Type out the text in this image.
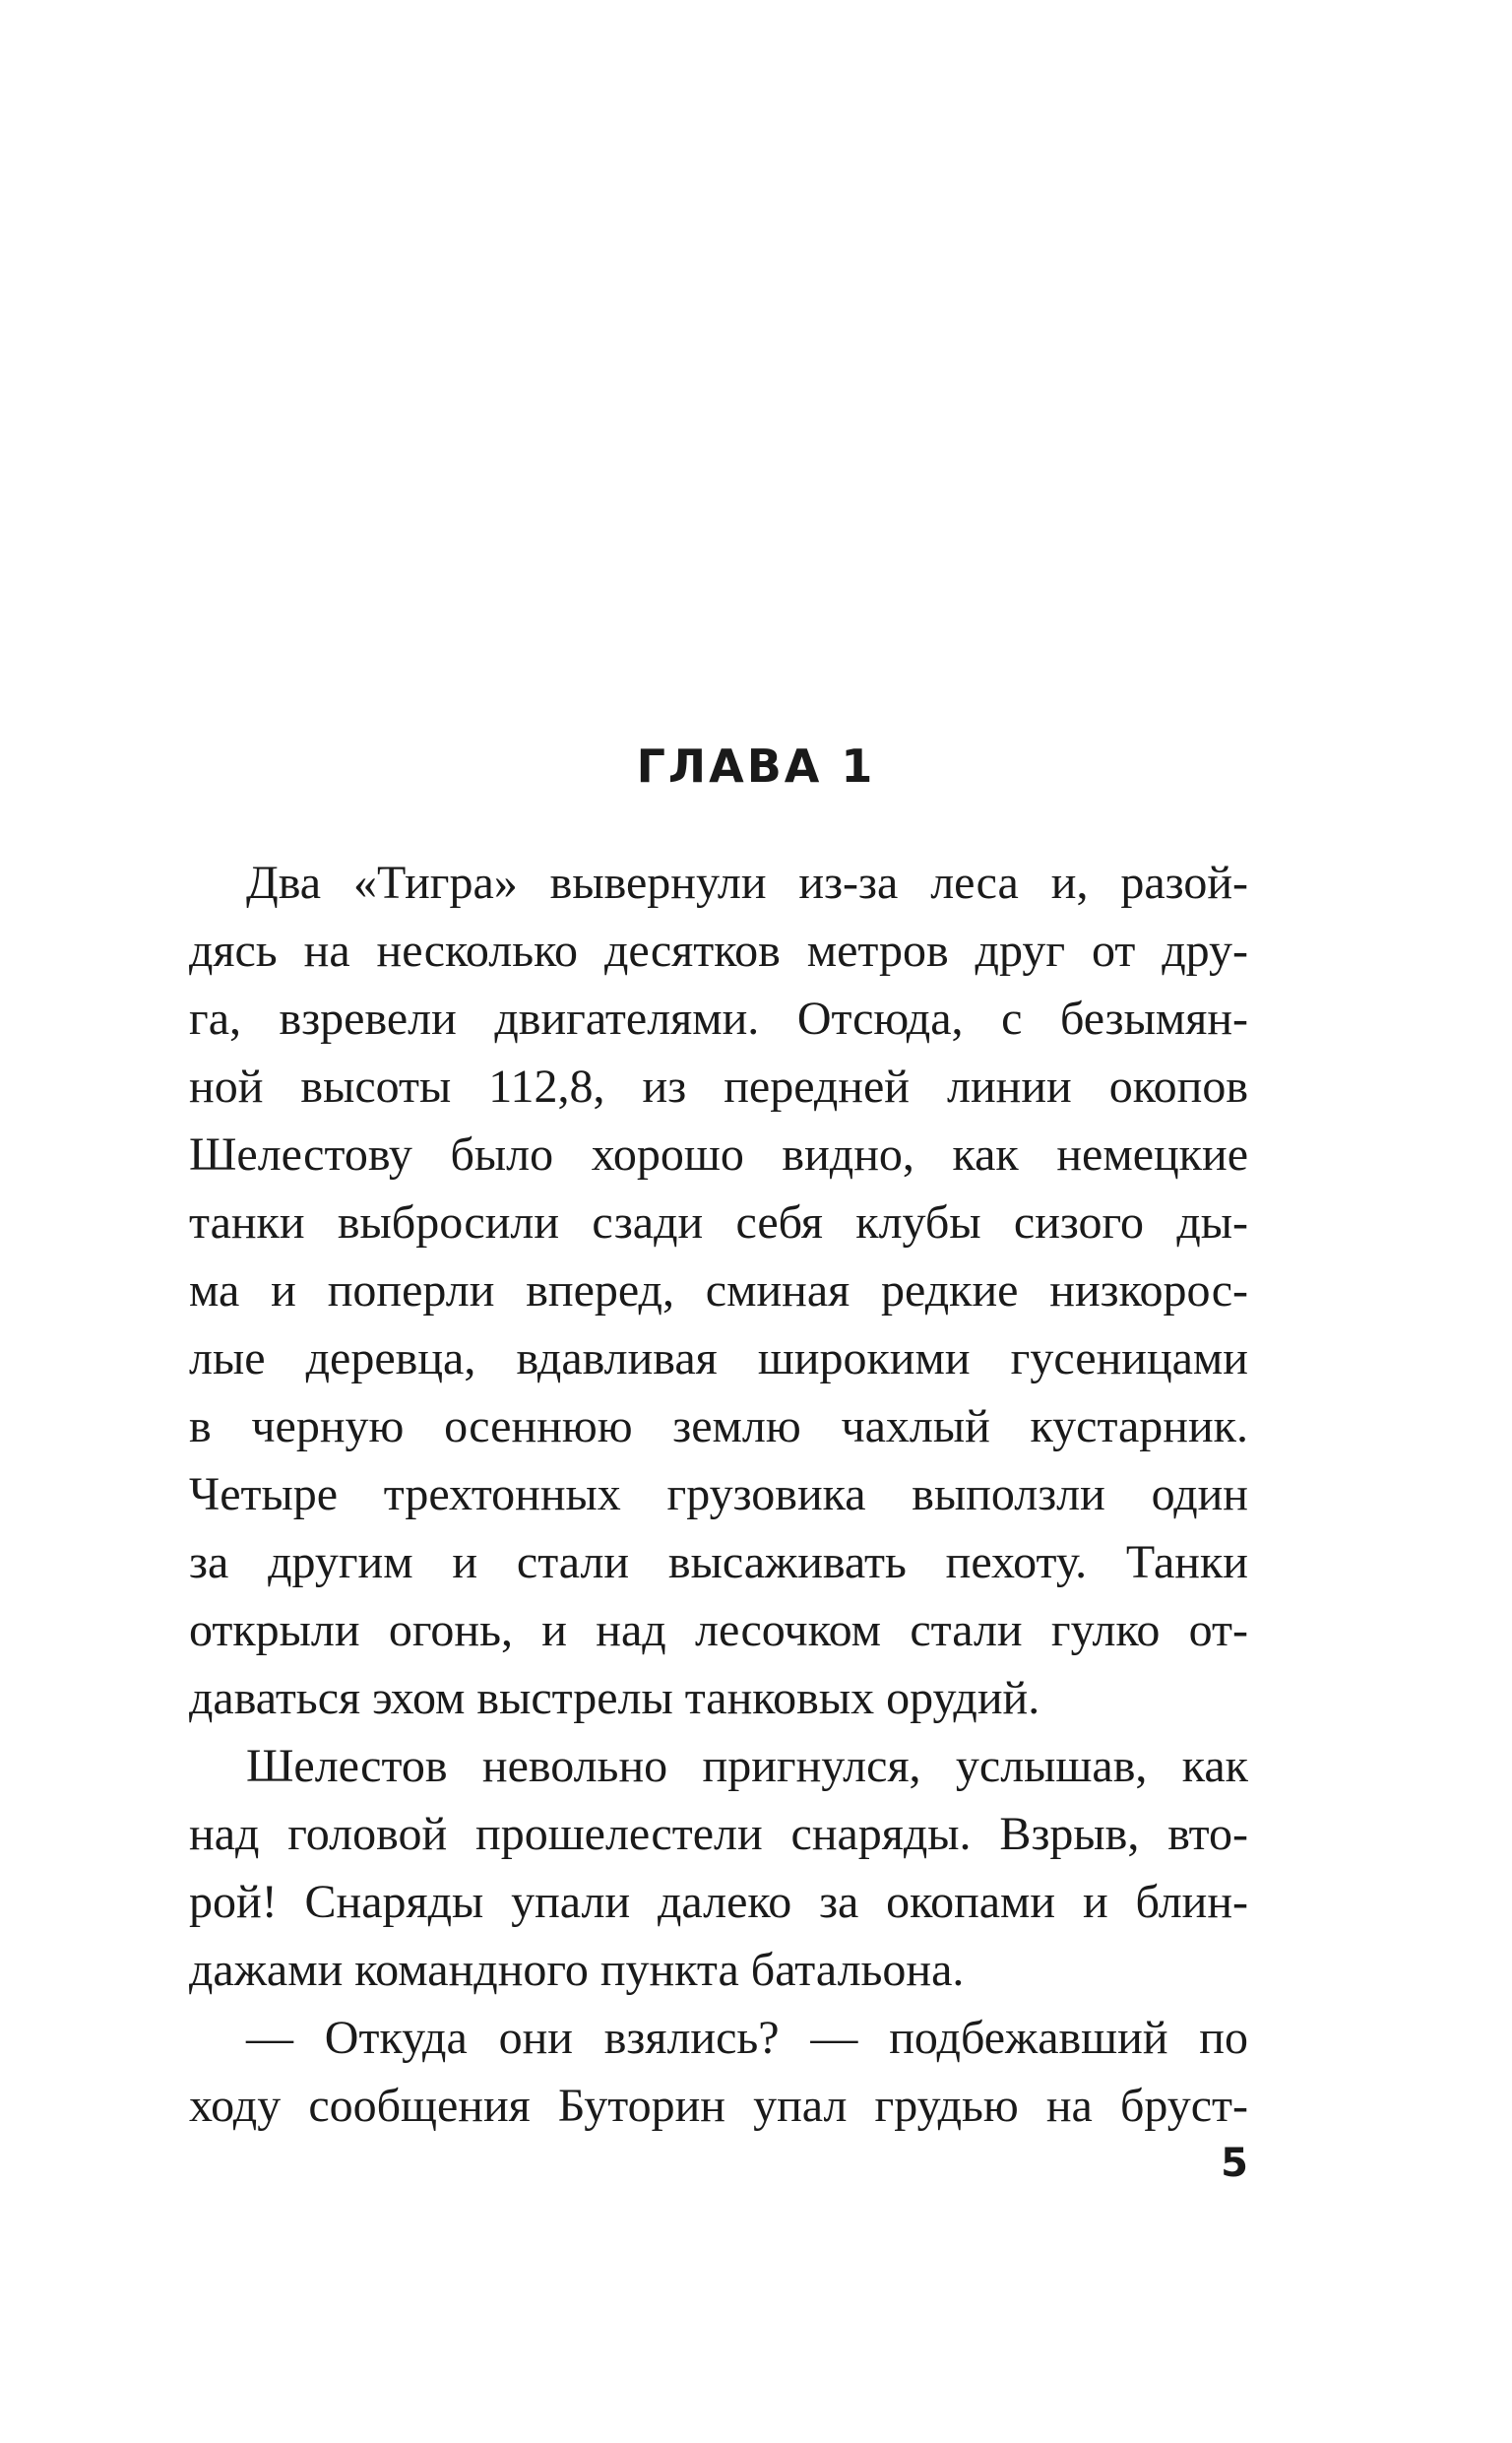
ГЛАВА 1
Два «Тигра» вывернули из-за леса и, разой-
дясь на несколько десятков метров друг от дру-
га, взревели двигателями. Отсюда, с безымян-
ной высоты 112,8, из передней линии окопов
Шелестову было хорошо видно, как немецкие
танки выбросили сзади себя клубы сизого ды-
ма и поперли вперед, сминая редкие низкорос-
лые деревца, вдавливая широкими гусеницами
в черную осеннюю землю чахлый кустарник.
Четыре трехтонных грузовика выползли один
за другим и стали высаживать пехоту. Танки
открыли огонь, и над лесочком стали гулко от-
даваться эхом выстрелы танковых орудий.
Шелестов невольно пригнулся, услышав, как
над головой прошелестели снаряды. Взрыв, вто-
рой! Снаряды упали далеко за окопами и блин-
дажами командного пункта батальона.
— Откуда они взялись? — подбежавший по
ходу сообщения Буторин упал грудью на бруст-
5
